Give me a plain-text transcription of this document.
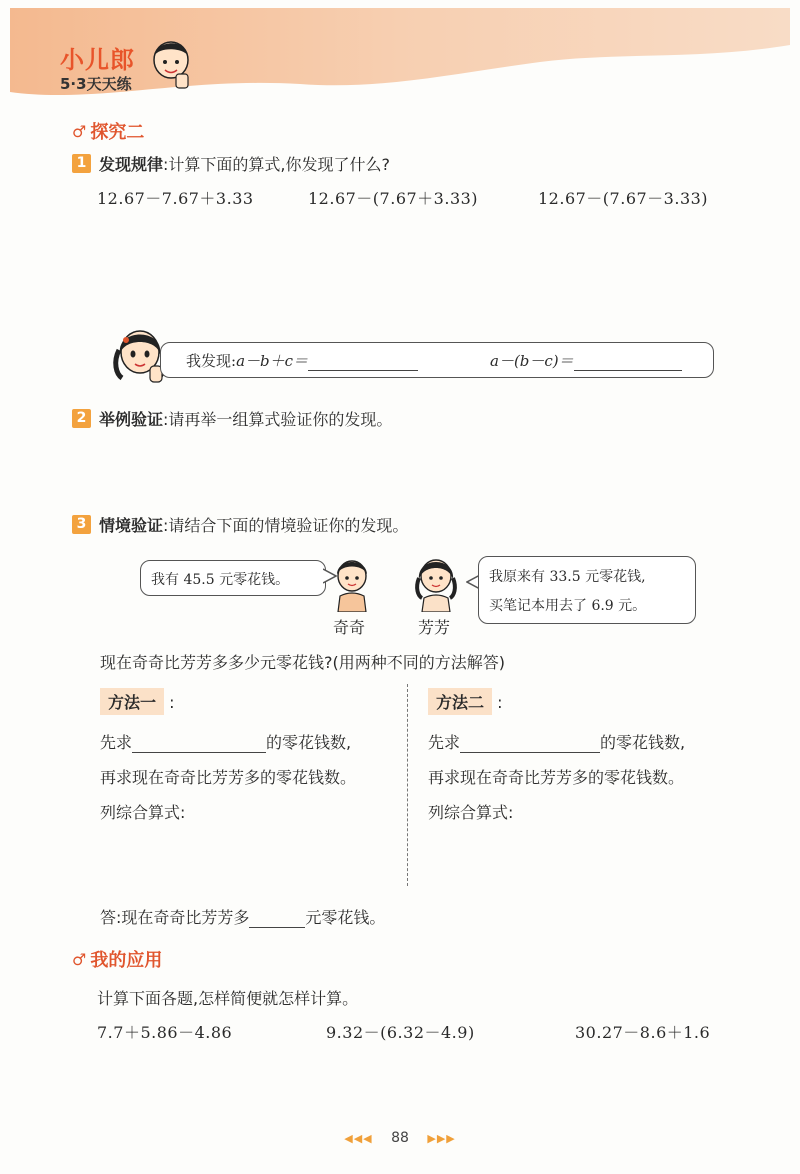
小儿郎
5·3天天练
♂ 探究二
1 发现规律:计算下面的算式,你发现了什么?
12.67－7.67＋3.33	12.67－(7.67＋3.33)	12.67－(7.67－3.33)
我发现:a－b＋c＝	a－(b－c)＝
2 举例验证:请再举一组算式验证你的发现。
3 情境验证:请结合下面的情境验证你的发现。
我有 45.5 元零花钱。
奇奇	芳芳
我原来有 33.5 元零花钱,
买笔记本用去了 6.9 元。
现在奇奇比芳芳多多少元零花钱?(用两种不同的方法解答)
方法一 :
先求	的零花钱数,
再求现在奇奇比芳芳多的零花钱数。
列综合算式:
方法二 :
先求	的零花钱数,
再求现在奇奇比芳芳多的零花钱数。
列综合算式:
答:现在奇奇比芳芳多	元零花钱。
♂ 我的应用
计算下面各题,怎样简便就怎样计算。
7.7＋5.86－4.86	9.32－(6.32－4.9)	30.27－8.6＋1.6
◀◀◀ 88 ▶▶▶
